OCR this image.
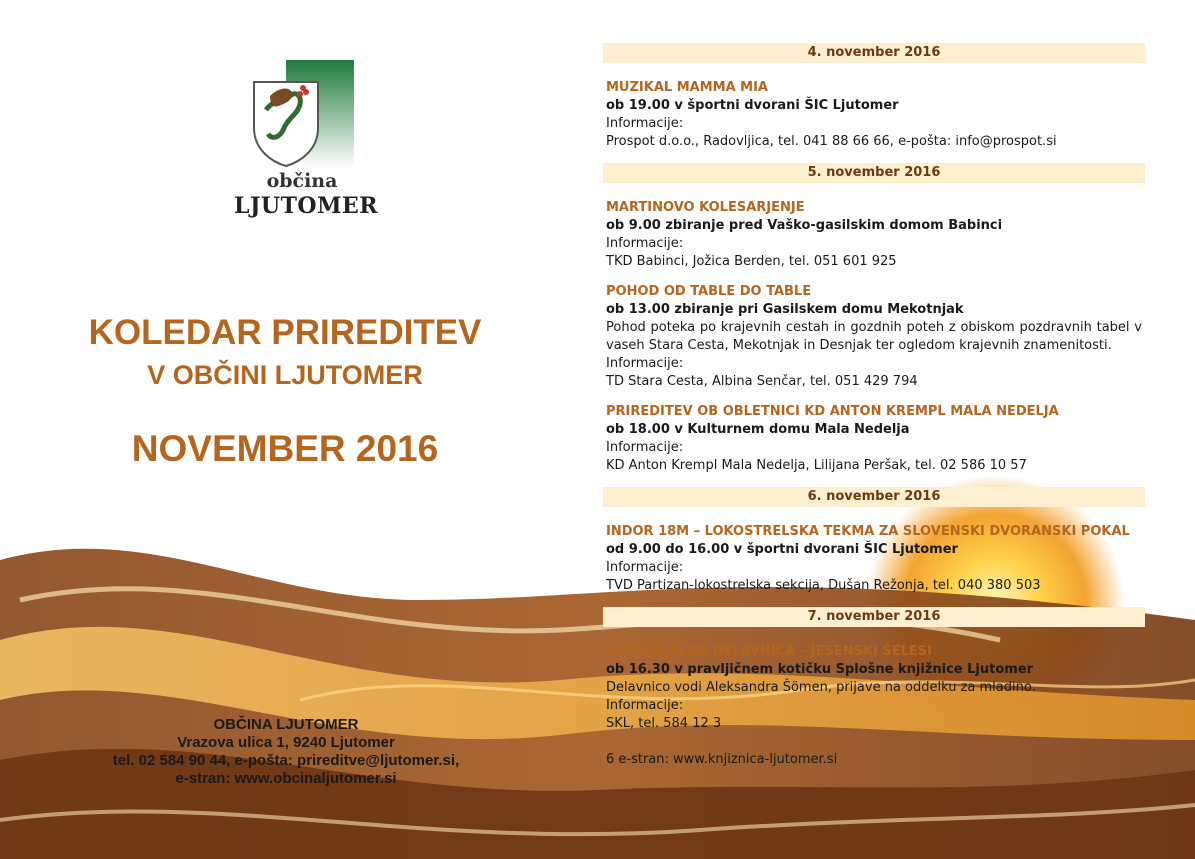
občina
LJUTOMER
KOLEDAR PRIREDITEV
V OBČINI LJUTOMER
NOVEMBER 2016
OBČINA LJUTOMER
Vrazova ulica 1, 9240 Ljutomer
tel. 02 584 90 44, e-pošta: prireditve@ljutomer.si,
e-stran: www.obcinaljutomer.si
4. november 2016
MUZIKAL MAMMA MIA
ob 19.00 v športni dvorani ŠIC Ljutomer
Informacije:
Prospot d.o.o., Radovljica, tel. 041 88 66 66, e-pošta: info@prospot.si
5. november 2016
MARTINOVO KOLESARJENJE
ob 9.00 zbiranje pred Vaško-gasilskim domom Babinci
Informacije:
TKD Babinci, Jožica Berden, tel. 051 601 925
POHOD OD TABLE DO TABLE
ob 13.00 zbiranje pri Gasilskem domu Mekotnjak
Pohod poteka po krajevnih cestah in gozdnih poteh z obiskom pozdravnih tabel v vaseh Stara Cesta, Mekotnjak in Desnjak ter ogledom krajevnih znamenitosti.
Informacije:
TD Stara Cesta, Albina Senčar, tel. 051 429 794
PRIREDITEV OB OBLETNICI KD ANTON KREMPL MALA NEDELJA
ob 18.00 v Kulturnem domu Mala Nedelja
Informacije:
KD Anton Krempl Mala Nedelja, Lilijana Peršak, tel. 02 586 10 57
6. november 2016
INDOR 18M – LOKOSTRELSKA TEKMA ZA SLOVENSKI DVORANSKI POKAL
od 9.00 do 16.00 v športni dvorani ŠIC Ljutomer
Informacije:
TVD Partizan-lokostrelska sekcija, Dušan Režonja, tel. 040 380 503
7. november 2016
USTVARJALNA DELAVNICA – JESENSKI ŠELESI
ob 16.30 v pravljičnem kotičku Splošne knjižnice Ljutomer
Delavnico vodi Aleksandra Šömen, prijave na oddelku za mladino.
Informacije:
SKL, tel. 584 12 3
6 e-stran: www.knjiznica-ljutomer.si
